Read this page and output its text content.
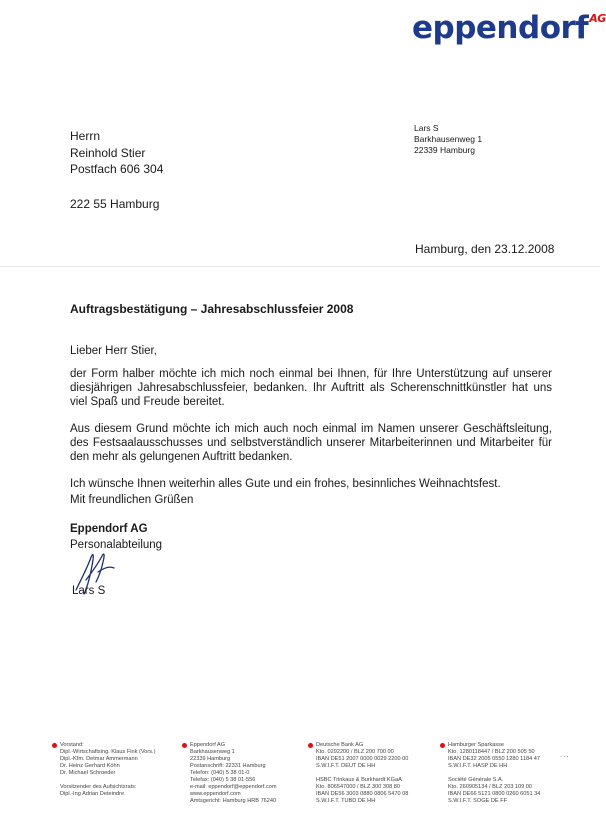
eppendorf$^{AG}$
Herrn
Reinhold Stier
Postfach 606 304
222 55 Hamburg
Lars S
Barkhausenweg 1
22339 Hamburg
Hamburg, den 23.12.2008
Auftragsbestätigung – Jahresabschlussfeier 2008

Lieber Herr Stier,

der Form halber möchte ich mich noch einmal bei Ihnen, für Ihre Unterstützung auf unserer diesjährigen Jahresabschlussfeier, bedanken. Ihr Auftritt als Scherenschnittkünstler hat uns viel Spaß und Freude bereitet.

Aus diesem Grund möchte ich mich auch noch einmal im Namen unserer Geschäftsleitung, des Festsaalausschusses und selbstverständlich unserer Mitarbeiterinnen und Mitarbeiter für den mehr als gelungenen Auftritt bedanken.

Ich wünsche Ihnen weiterhin alles Gute und ein frohes, besinnliches Weihnachtsfest.

Mit freundlichen Grüßen
Eppendorf AG
Personalabteilung
Lars S
Vorstand:
Dipl.-Wirtschaftsing. Klaus Fink (Vors.)
Dipl.-Kfm. Detmar Ammermann
Dr. Heinz Gerhard Köhn
Dr. Michael Schroeder

Vorsitzender des Aufsichtsrats:
Dipl.-Ing Adrian Deteindre
Eppendorf AG
Barkhausenweg 1
22339 Hamburg
Postanschrift: 22331 Hamburg
Telefon: (040) 5 38 01-0
Telefax: (040) 5 38 01-556
e-mail: eppendorf@eppendorf.com
www.eppendorf.com
Amtsgericht: Hamburg HRB 76240
Deutsche Bank AG
Kto. 0292200 / BLZ 200 700 00
IBAN DE51 2007 0000 0029 2200 00
S.W.I.F.T. DEUT DE HH

HSBC Trinkaus & Burkhardt KGaA
Kto. 806547000 / BLZ 300 308 80
IBAN DE56 3003 0880 0806 5470 08
S.W.I.F.T. TUBD DE HH
Hamburger Sparkasse
Kto. 1280118447 / BLZ 200 505 50
IBAN DE32 2005 0550 1280 1184 47
S.W.I.F.T. HASP DE HH

Société Générale S.A.
Kto. 260905134 / BLZ 203 109 00
IBAN DE66 5121 0800 0260 6051 34
S.W.I.F.T. SOGE DE FF
...
